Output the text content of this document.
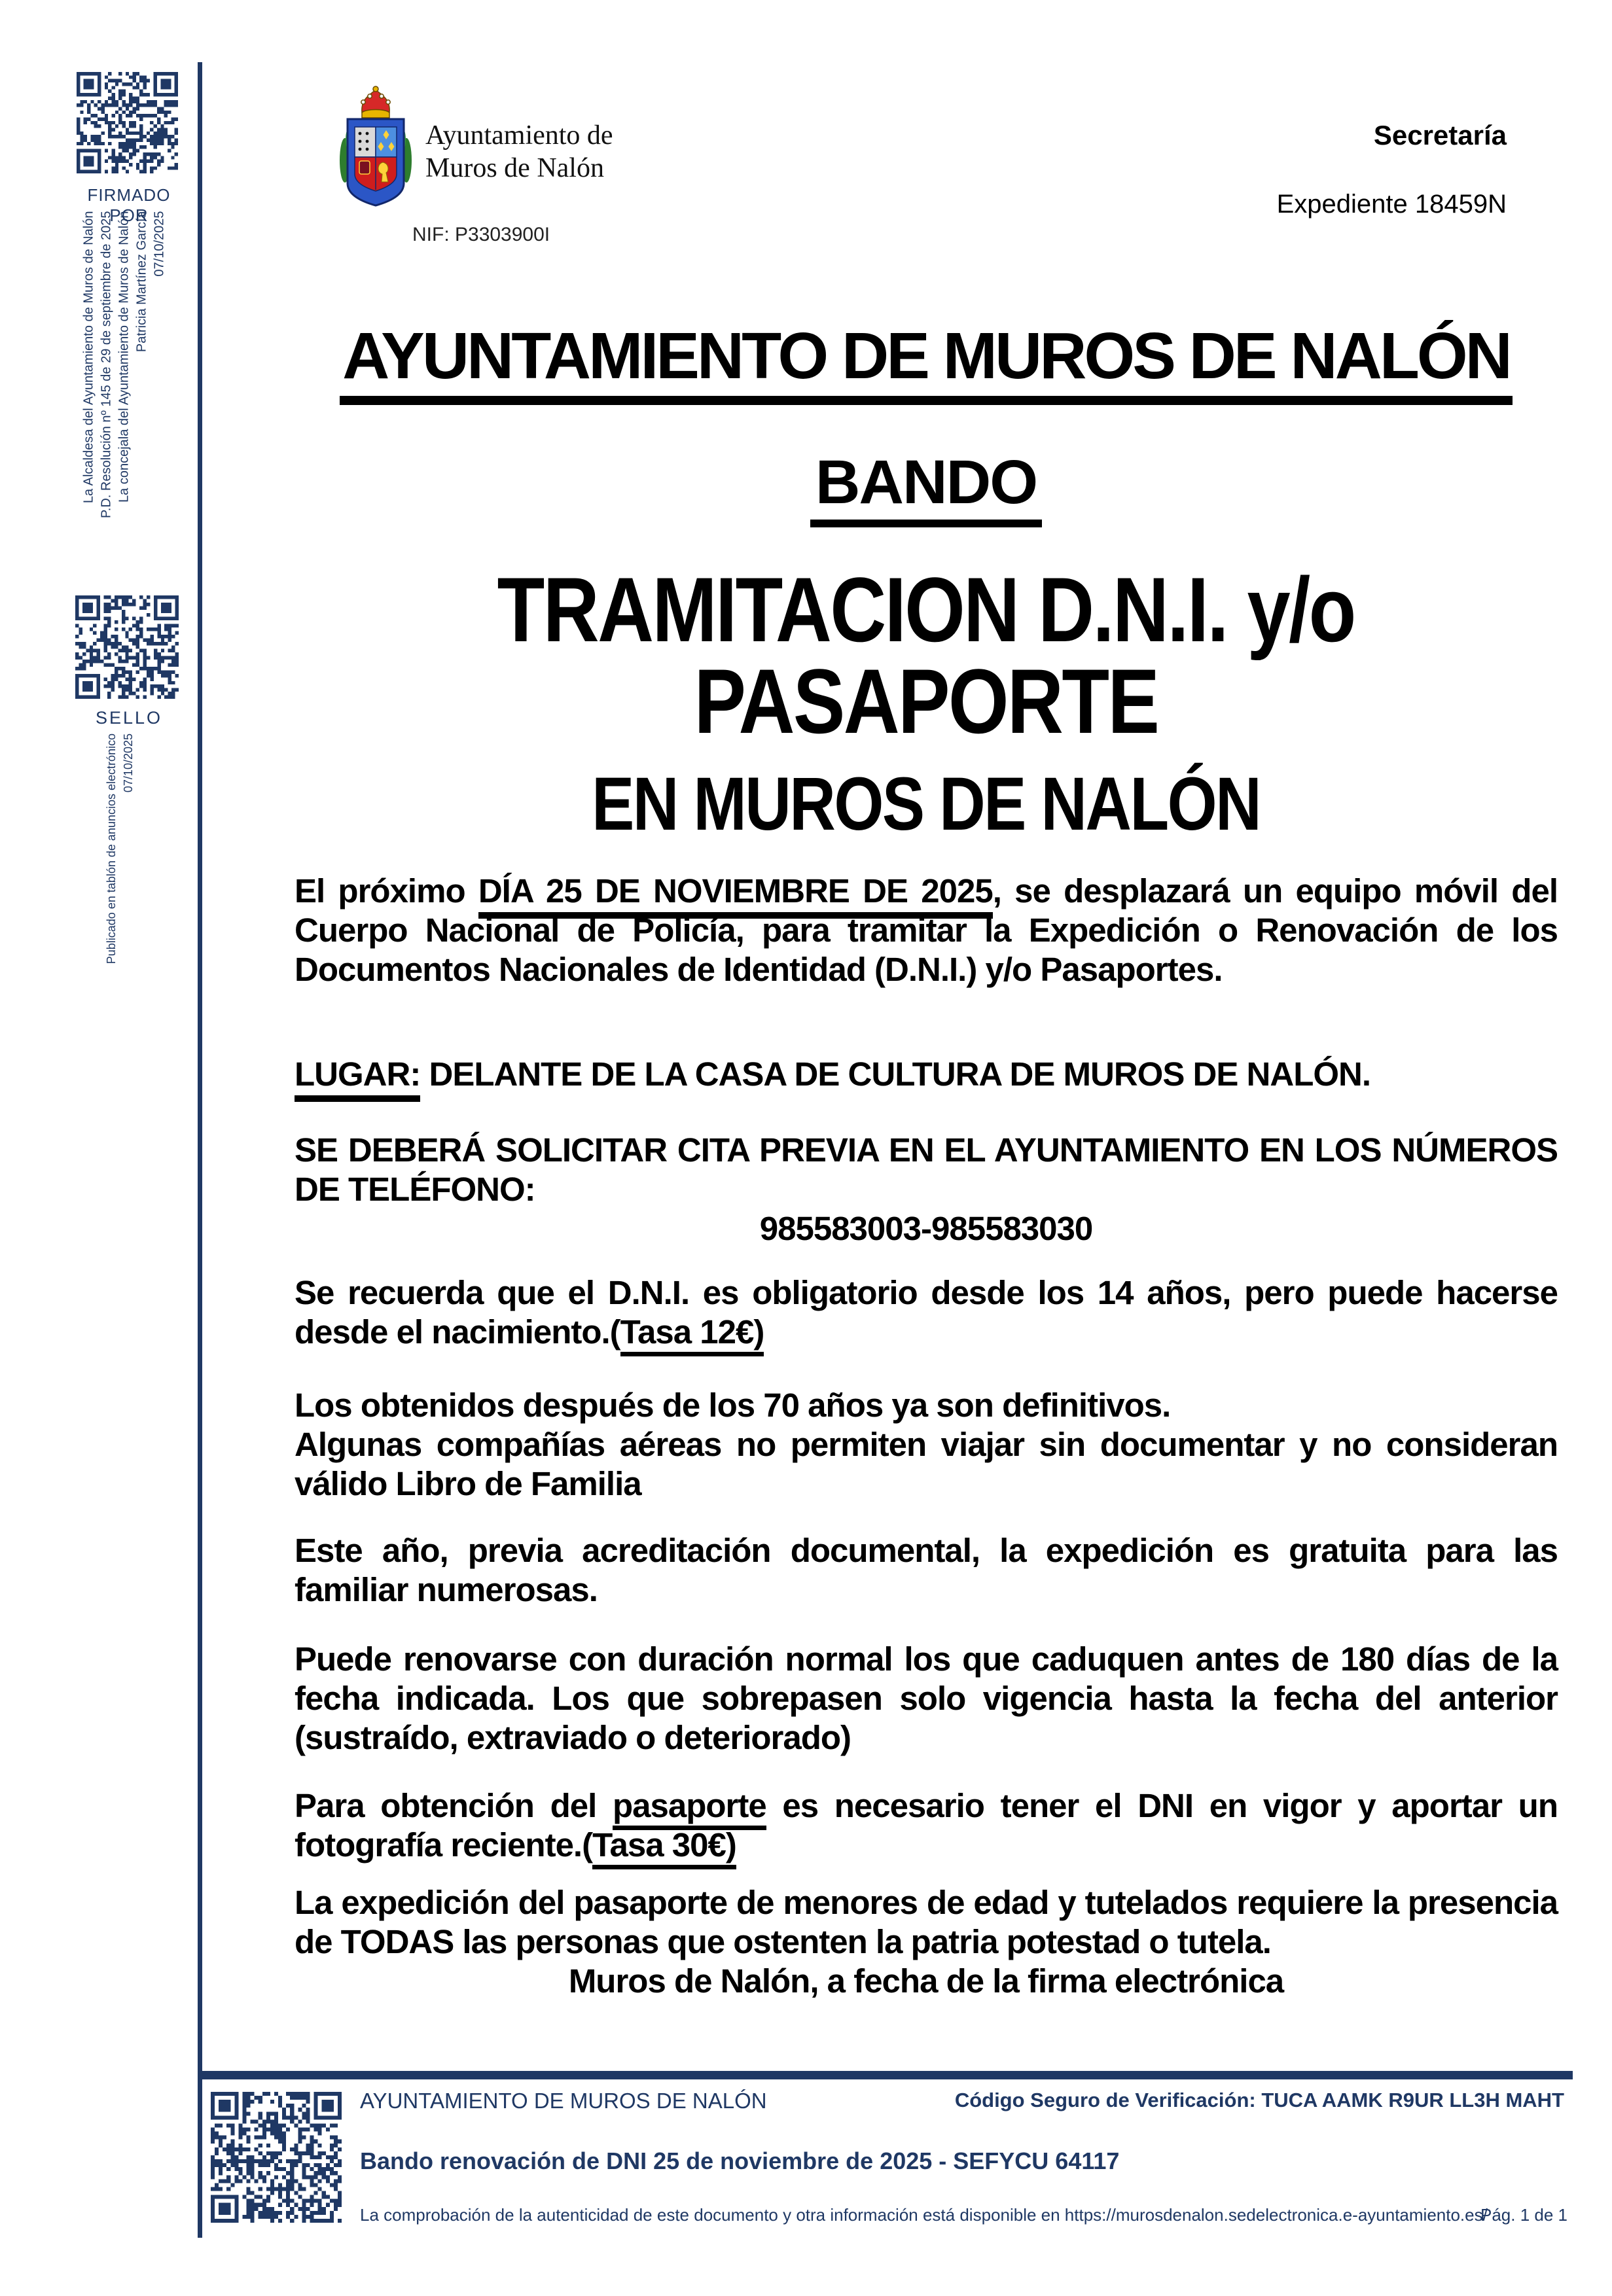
FIRMADO POR
La Alcaldesa del Ayuntamiento de Muros de Nalón P.D. Resolución nº 145 de 29 de septiembre de 2025 La concejala del Ayuntamiento de Muros de Nalón Patricia Martínez García 07/10/2025
SELLO
Publicado en tablón de anuncios electrónico 07/10/2025
Ayuntamiento de
Muros de Nalón
NIF: P3303900I
Secretaría
Expediente 18459N
AYUNTAMIENTO DE MUROS DE NALÓN
BANDO
TRAMITACION D.N.I. y/o
PASAPORTE
EN MUROS DE NALÓN
El próximo DÍA 25 DE NOVIEMBRE DE 2025, se desplazará un equipo móvil del Cuerpo Nacional de Policía, para tramitar la Expedición o Renovación de los Documentos Nacionales de Identidad (D.N.I.) y/o Pasaportes.
LUGAR: DELANTE DE LA CASA DE CULTURA DE MUROS DE NALÓN.
SE DEBERÁ SOLICITAR CITA PREVIA EN EL AYUNTAMIENTO EN LOS NÚMEROS DE TELÉFONO:
985583003-985583030
Se recuerda que el D.N.I. es obligatorio desde los 14 años, pero puede hacerse desde el nacimiento.(Tasa 12€)
Los obtenidos después de los 70 años ya son definitivos.
Algunas compañías aéreas no permiten viajar sin documentar y no consideran válido Libro de Familia
Este año, previa acreditación documental, la expedición es gratuita para las familiar numerosas.
Puede renovarse con duración normal los que caduquen antes de 180 días de la fecha indicada. Los que sobrepasen solo vigencia hasta la fecha del anterior (sustraído, extraviado o deteriorado)
Para obtención del pasaporte es necesario tener el DNI en vigor y aportar un fotografía reciente.(Tasa 30€)
La expedición del pasaporte de menores de edad y tutelados requiere la presencia de TODAS las personas que ostenten la patria potestad o tutela.
Muros de Nalón, a fecha de la firma electrónica
AYUNTAMIENTO DE MUROS DE NALÓN	Código Seguro de Verificación: TUCA AAMK R9UR LL3H MAHT
Bando renovación de DNI 25 de noviembre de 2025 - SEFYCU 64117
La comprobación de la autenticidad de este documento y otra información está disponible en https://murosdenalon.sedelectronica.e-ayuntamiento.es/
Pág. 1 de 1
